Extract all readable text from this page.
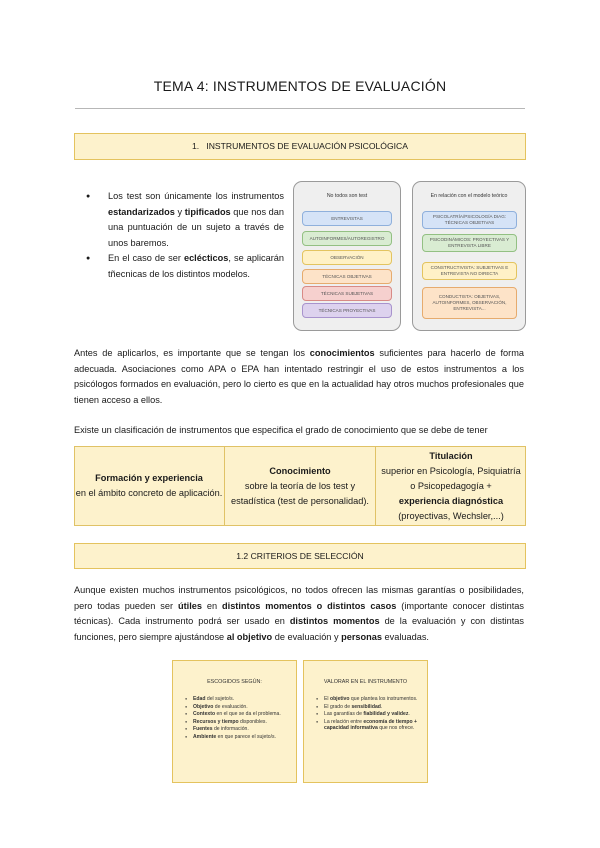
TEMA 4: INSTRUMENTOS DE EVALUACIÓN
1. INSTRUMENTOS DE EVALUACIÓN PSICOLÓGICA
● Los test son únicamente los instrumentos estandarizados y tipificados que nos dan una puntuación de un sujeto a través de unos baremos.
● En el caso de ser eclécticos, se aplicarán tñecnicas de los distintos modelos.
No todos son test
ENTREVISTAS
AUTOINFORMES/AUTOREGISTRO
OBSERVACIÓN
TÉCNICAS OBJETIVAS
TÉCNICAS SUBJETIVAS
TÉCNICAS PROYECTIVAS
En relación con el modelo teórico
PSICOLATRÍA/PSICOLOGÍA DIAG:
TÉCNICAS OBJETIVAS
PSICODINÁMICOS: PROYECTIVAS Y
ENTREVISTA LIBRE
CONSTRUCTIVISTA: SUBJETIVAS E
ENTREVISTA NO DIRECTA
CONDUCTISTA: OBJETIVAS,
AUTOINFORMES, OBSERVACIÓN,
ENTREVISTA...
Antes de aplicarlos, es importante que se tengan los conocimientos suficientes para hacerlo de forma adecuada. Asociaciones como APA o EPA han intentado restringir el uso de estos instrumentos a los psicólogos formados en evaluación, pero lo cierto es que en la actualidad hay otros muchos profesionales que tienen acceso a ellos.
Existe un clasificación de instrumentos que especifica el grado de conocimiento que se debe de tener
Formación y experiencia
en el ámbito concreto de aplicación.
Conocimiento
sobre la teoría de los test y estadística (test de personalidad).
Titulación
superior en Psicología, Psiquiatría o Psicopedagogía +
experiencia diagnóstica
(proyectivas, Wechsler,...)
1.2 CRITERIOS DE SELECCIÓN
Aunque existen muchos instrumentos psicológicos, no todos ofrecen las mismas garantías o posibilidades, pero todas pueden ser útiles en distintos momentos o distintos casos (importante conocer distintas técnicas). Cada instrumento podrá ser usado en distintos momentos de la evaluación y con distintas funciones, pero siempre ajustándose al objetivo de evaluación y personas evaluadas.
ESCOGIDOS SEGÚN:
● Edad del sujeto/s.
● Objetivo de evaluación.
● Contexto en el que se da el problema.
● Recursos y tiempo disponibles.
● Fuentes de información.
● Ambiente en que parece el sujeto/s.
VALORAR EN EL INSTRUMENTO
● El objetivo que plantea los instrumentos.
● El grado de sensibilidad.
● Las garantías de fiabilidad y validez.
● La relación entre economía de tiempo + capacidad informativa que nos ofrece.
